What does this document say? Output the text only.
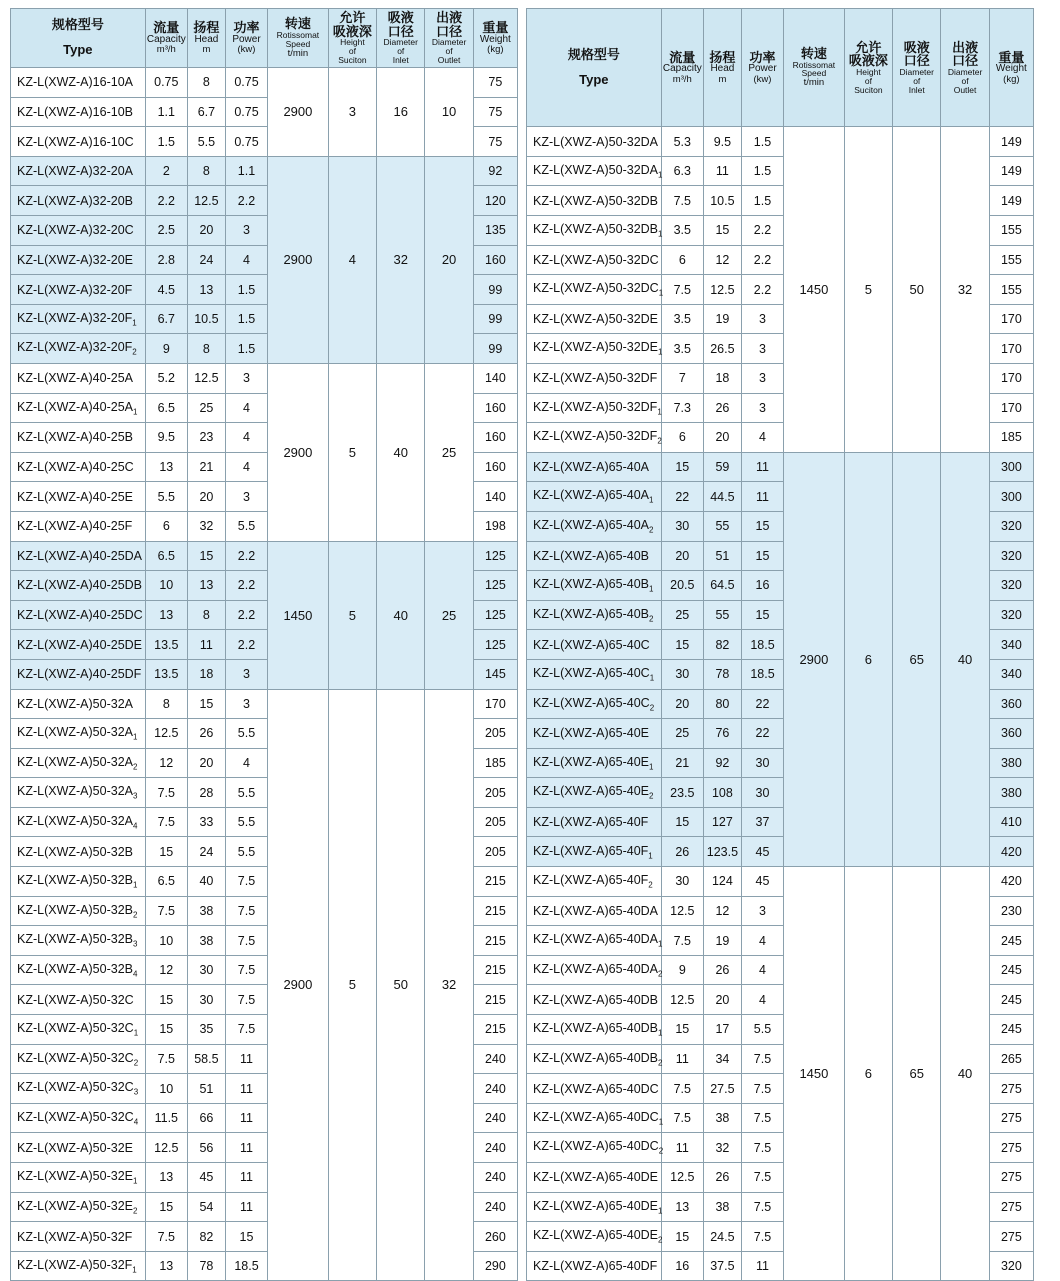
规格型号
Type

流量
Capacity
m³/h

扬程
Head
m

功率
Power
(kw)

转速
Rotissomat
Speed
t/min

允许
吸液深
Height
of
Suciton

吸液
口径
Diameter
of
Inlet

出液
口径
Diameter
of
Outlet

重量
Weight
(kg)

KZ-L(XWZ-A)16-10A	0.75	8	0.75	2900	3	16	10	75
KZ-L(XWZ-A)16-10B	1.1	6.7	0.75					75
KZ-L(XWZ-A)16-10C	1.5	5.5	0.75					75
KZ-L(XWZ-A)32-20A	2	8	1.1	2900	4	32	20	92
KZ-L(XWZ-A)32-20B	2.2	12.5	2.2					120
KZ-L(XWZ-A)32-20C	2.5	20	3					135
KZ-L(XWZ-A)32-20E	2.8	24	4					160
KZ-L(XWZ-A)32-20F	4.5	13	1.5					99
$KZ-L(XWZ-A)32-20F_1$	6.7	10.5	1.5					99
$KZ-L(XWZ-A)32-20F_2$	9	8	1.5					99
KZ-L(XWZ-A)40-25A	5.2	12.5	3	2900	5	40	25	140
$KZ-L(XWZ-A)40-25A_1$	6.5	25	4					160
KZ-L(XWZ-A)40-25B	9.5	23	4					160
KZ-L(XWZ-A)40-25C	13	21	4					160
KZ-L(XWZ-A)40-25E	5.5	20	3					140
KZ-L(XWZ-A)40-25F	6	32	5.5					198
KZ-L(XWZ-A)40-25DA	6.5	15	2.2	1450	5	40	25	125
KZ-L(XWZ-A)40-25DB	10	13	2.2					125
KZ-L(XWZ-A)40-25DC	13	8	2.2					125
KZ-L(XWZ-A)40-25DE	13.5	11	2.2					125
KZ-L(XWZ-A)40-25DF	13.5	18	3					145
KZ-L(XWZ-A)50-32A	8	15	3	2900	5	50	32	170
$KZ-L(XWZ-A)50-32A_1$	12.5	26	5.5					205
$KZ-L(XWZ-A)50-32A_2$	12	20	4					185
$KZ-L(XWZ-A)50-32A_3$	7.5	28	5.5					205
$KZ-L(XWZ-A)50-32A_4$	7.5	33	5.5					205
KZ-L(XWZ-A)50-32B	15	24	5.5					205
$KZ-L(XWZ-A)50-32B_1$	6.5	40	7.5					215
$KZ-L(XWZ-A)50-32B_2$	7.5	38	7.5					215
$KZ-L(XWZ-A)50-32B_3$	10	38	7.5					215
$KZ-L(XWZ-A)50-32B_4$	12	30	7.5					215
KZ-L(XWZ-A)50-32C	15	30	7.5					215
$KZ-L(XWZ-A)50-32C_1$	15	35	7.5					215
$KZ-L(XWZ-A)50-32C_2$	7.5	58.5	11					240
$KZ-L(XWZ-A)50-32C_3$	10	51	11					240
$KZ-L(XWZ-A)50-32C_4$	11.5	66	11					240
KZ-L(XWZ-A)50-32E	12.5	56	11					240
$KZ-L(XWZ-A)50-32E_1$	13	45	11					240
$KZ-L(XWZ-A)50-32E_2$	15	54	11					240
KZ-L(XWZ-A)50-32F	7.5	82	15					260
$KZ-L(XWZ-A)50-32F_1$	13	78	18.5					290
规格型号
Type

流量
Capacity
m³/h

扬程
Head
m

功率
Power
(kw)

转速
Rotissomat
Speed
t/min

允许
吸液深
Height
of
Suciton

吸液
口径
Diameter
of
Inlet

出液
口径
Diameter
of
Outlet

重量
Weight
(kg)

KZ-L(XWZ-A)50-32DA	5.3	9.5	1.5	1450	5	50	32	149
$KZ-L(XWZ-A)50-32DA_1$	6.3	11	1.5					149
KZ-L(XWZ-A)50-32DB	7.5	10.5	1.5					149
$KZ-L(XWZ-A)50-32DB_1$	3.5	15	2.2					155
KZ-L(XWZ-A)50-32DC	6	12	2.2					155
$KZ-L(XWZ-A)50-32DC_1$	7.5	12.5	2.2					155
KZ-L(XWZ-A)50-32DE	3.5	19	3					170
$KZ-L(XWZ-A)50-32DE_1$	3.5	26.5	3					170
KZ-L(XWZ-A)50-32DF	7	18	3					170
$KZ-L(XWZ-A)50-32DF_1$	7.3	26	3					170
$KZ-L(XWZ-A)50-32DF_2$	6	20	4					185
KZ-L(XWZ-A)65-40A	15	59	11	2900	6	65	40	300
$KZ-L(XWZ-A)65-40A_1$	22	44.5	11					300
$KZ-L(XWZ-A)65-40A_2$	30	55	15					320
KZ-L(XWZ-A)65-40B	20	51	15					320
$KZ-L(XWZ-A)65-40B_1$	20.5	64.5	16					320
$KZ-L(XWZ-A)65-40B_2$	25	55	15					320
KZ-L(XWZ-A)65-40C	15	82	18.5					340
$KZ-L(XWZ-A)65-40C_1$	30	78	18.5					340
$KZ-L(XWZ-A)65-40C_2$	20	80	22					360
KZ-L(XWZ-A)65-40E	25	76	22					360
$KZ-L(XWZ-A)65-40E_1$	21	92	30					380
$KZ-L(XWZ-A)65-40E_2$	23.5	108	30					380
KZ-L(XWZ-A)65-40F	15	127	37					410
$KZ-L(XWZ-A)65-40F_1$	26	123.5	45					420
$KZ-L(XWZ-A)65-40F_2$	30	124	45	1450	6	65	40	420
KZ-L(XWZ-A)65-40DA	12.5	12	3					230
$KZ-L(XWZ-A)65-40DA_1$	7.5	19	4					245
$KZ-L(XWZ-A)65-40DA_2$	9	26	4					245
KZ-L(XWZ-A)65-40DB	12.5	20	4					245
$KZ-L(XWZ-A)65-40DB_1$	15	17	5.5					245
$KZ-L(XWZ-A)65-40DB_2$	11	34	7.5					265
KZ-L(XWZ-A)65-40DC	7.5	27.5	7.5					275
$KZ-L(XWZ-A)65-40DC_1$	7.5	38	7.5					275
$KZ-L(XWZ-A)65-40DC_2$	11	32	7.5					275
KZ-L(XWZ-A)65-40DE	12.5	26	7.5					275
$KZ-L(XWZ-A)65-40DE_1$	13	38	7.5					275
$KZ-L(XWZ-A)65-40DE_2$	15	24.5	7.5					275
KZ-L(XWZ-A)65-40DF	16	37.5	11					320
